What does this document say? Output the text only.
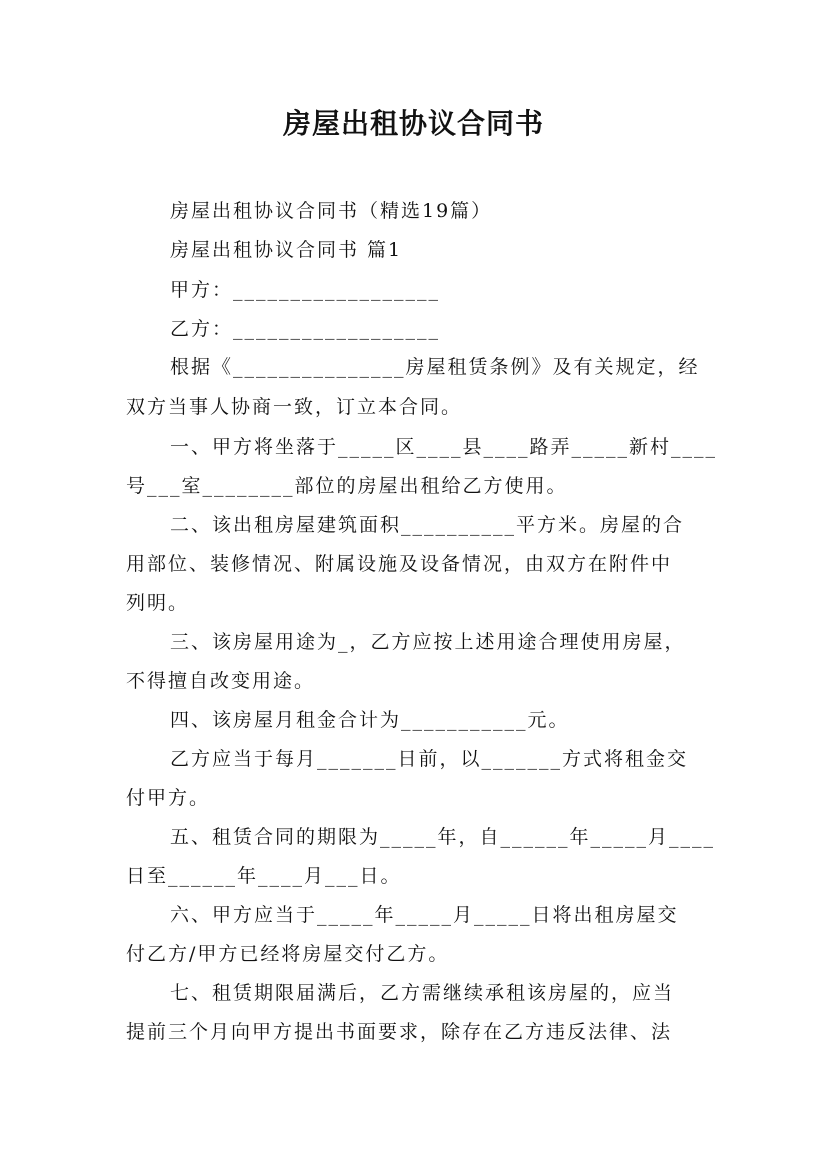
房屋出租协议合同书
房屋出租协议合同书（精选19篇）
房屋出租协议合同书 篇1
甲方：__________________
乙方：__________________
根据《_______________房屋租赁条例》及有关规定，经
双方当事人协商一致，订立本合同。
一、甲方将坐落于_____区____县____路弄_____新村____
号___室________部位的房屋出租给乙方使用。
二、该出租房屋建筑面积__________平方米。房屋的合
用部位、装修情况、附属设施及设备情况，由双方在附件中
列明。
三、该房屋用途为_，乙方应按上述用途合理使用房屋，
不得擅自改变用途。
四、该房屋月租金合计为___________元。
乙方应当于每月_______日前，以_______方式将租金交
付甲方。
五、租赁合同的期限为_____年，自______年_____月____
日至______年____月___日。
六、甲方应当于_____年_____月_____日将出租房屋交
付乙方/甲方已经将房屋交付乙方。
七、租赁期限届满后，乙方需继续承租该房屋的，应当
提前三个月向甲方提出书面要求，除存在乙方违反法律、法
